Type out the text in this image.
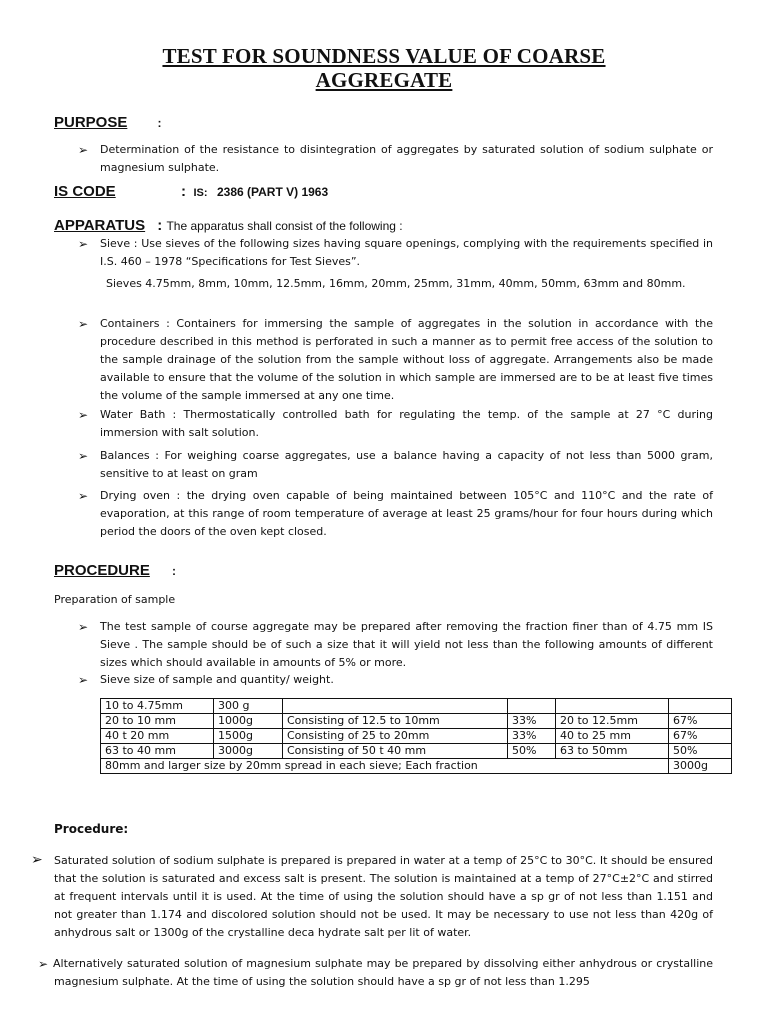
TEST FOR SOUNDNESS VALUE OF COARSE
AGGREGATE
PURPOSE	:
➢ Determination of the resistance to disintegration of aggregates by saturated solution of sodium sulphate or magnesium sulphate.
IS CODE	: IS: 2386 (PART V) 1963
APPARATUS : The apparatus shall consist of the following :
➢ Sieve : Use sieves of the following sizes having square openings, complying with the requirements specified in I.S. 460 – 1978 “Specifications for Test Sieves”.
Sieves 4.75mm, 8mm, 10mm, 12.5mm, 16mm, 20mm, 25mm, 31mm, 40mm, 50mm, 63mm and 80mm.
➢ Containers : Containers for immersing the sample of aggregates in the solution in accordance with the procedure described in this method is perforated in such a manner as to permit free access of the solution to the sample drainage of the solution from the sample without loss of aggregate. Arrangements also be made available to ensure that the volume of the solution in which sample are immersed are to be at least five times the volume of the sample immersed at any one time.
➢ Water Bath : Thermostatically controlled bath for regulating the temp. of the sample at 27 °C during immersion with salt solution.
➢ Balances : For weighing coarse aggregates, use a balance having a capacity of not less than 5000 gram, sensitive to at least on gram
➢ Drying oven : the drying oven capable of being maintained between 105°C and 110°C and the rate of evaporation, at this range of room temperature of average at least 25 grams/hour for four hours during which period the doors of the oven kept closed.
PROCEDURE :
Preparation of sample
➢ The test sample of course aggregate may be prepared after removing the fraction finer than of 4.75 mm IS Sieve . The sample should be of such a size that it will yield not less than the following amounts of different sizes which should available in amounts of 5% or more.
➢ Sieve size of sample and quantity/ weight.
10 to 4.75mm	300 g				
20 to 10 mm	1000g	Consisting of 12.5 to 10mm	33%	20 to 12.5mm	67%
40 t 20 mm	1500g	Consisting of 25 to 20mm	33%	40 to 25 mm	67%
63 to 40 mm	3000g	Consisting of 50 t 40 mm	50%	63 to 50mm	50%
80mm and larger size by 20mm spread in each sieve; Each fraction					3000g
Procedure:
➢ Saturated solution of sodium sulphate is prepared is prepared in water at a temp of 25°C to 30°C. It should be ensured that the solution is saturated and excess salt is present. The solution is maintained at a temp of 27°C±2°C and stirred at frequent intervals until it is used. At the time of using the solution should have a sp gr of not less than 1.151 and not greater than 1.174 and discolored solution should not be used. It may be necessary to use not less than 420g of anhydrous salt or 1300g of the crystalline deca hydrate salt per lit of water.
➢ Alternatively saturated solution of magnesium sulphate may be prepared by dissolving either anhydrous or crystalline magnesium sulphate. At the time of using the solution should have a sp gr of not less than 1.295
